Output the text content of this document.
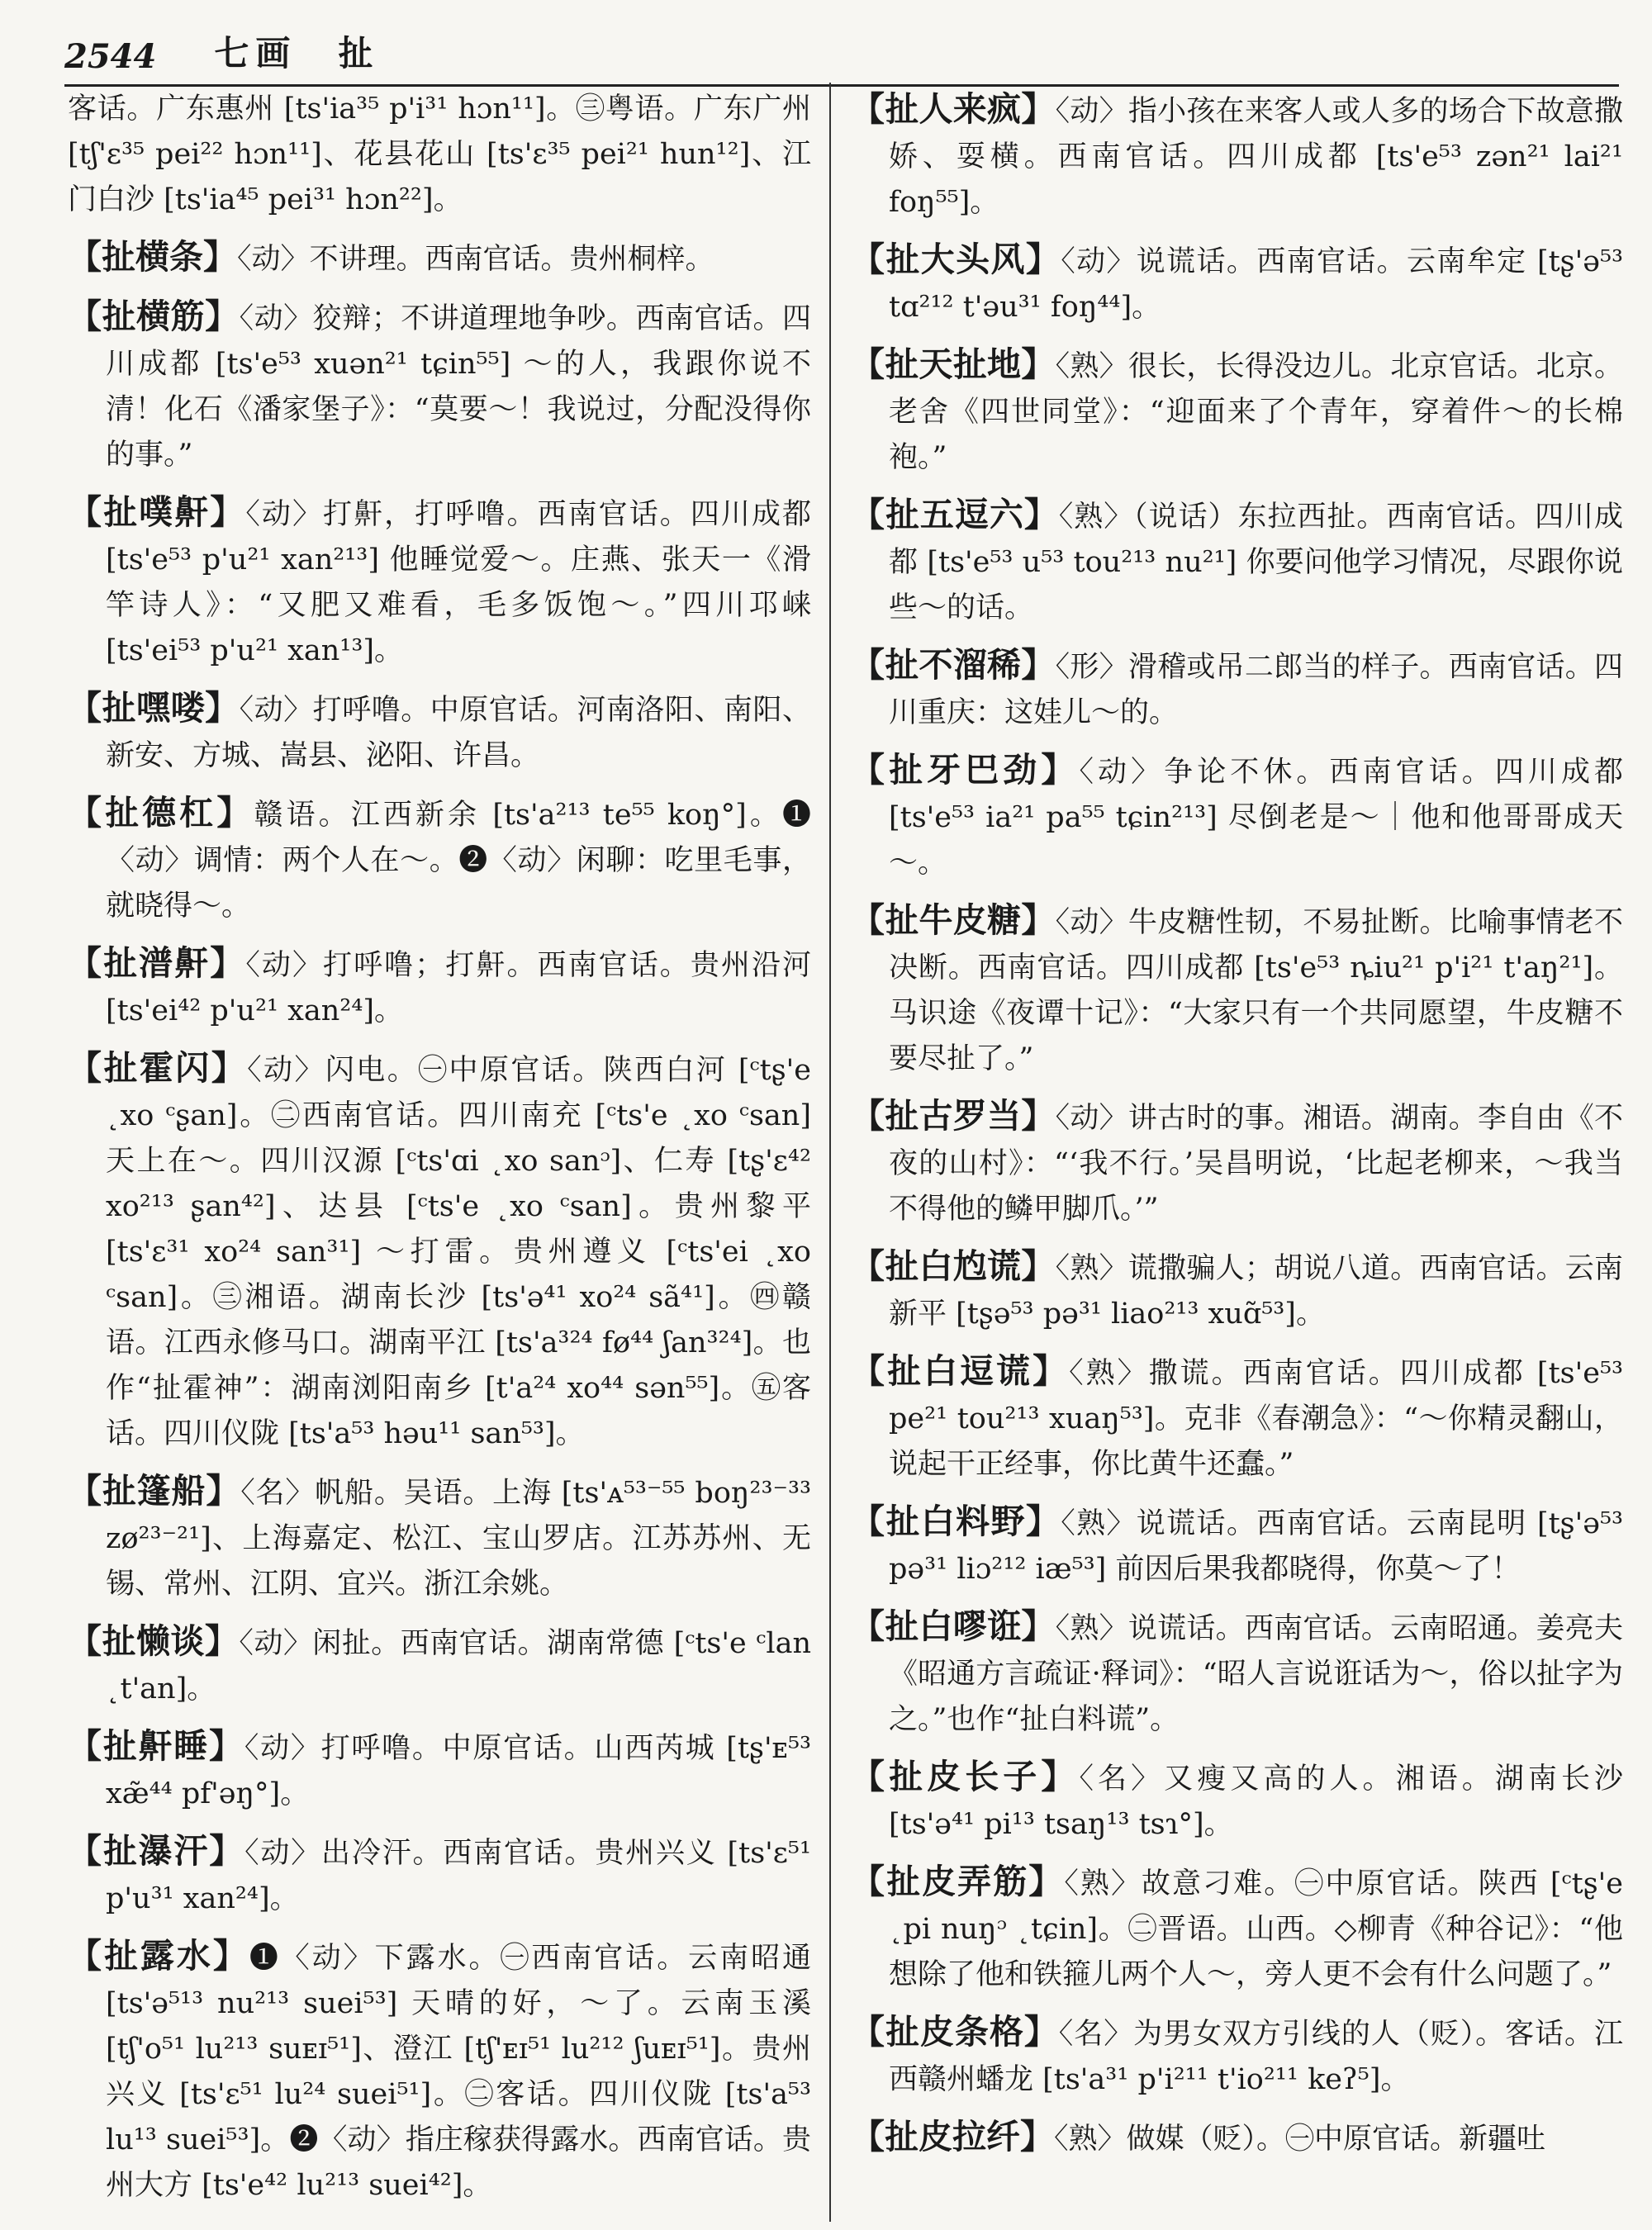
2544 七画　扯

客话。广东惠州 [ts'ia³⁵ p'i³¹ hɔn¹¹]。㊂粤语。广东广州 [tʃ'ɛ³⁵ pei²² hɔn¹¹]、花县花山 [ts'ɛ³⁵ pei²¹ hun¹²]、江门白沙 [ts'ia⁴⁵ pei³¹ hɔn²²]。

【 扯横条 】 〈动〉不讲理。西南官话。贵州桐梓。

【 扯横筋 】 〈动〉狡辩；不讲道理地争吵。西南官话。四川成都 [ts'e⁵³ xuən²¹ tɕin⁵⁵] ～的人，我跟你说不清！化石《潘家堡子》：“莫要～！我说过，分配没得你的事。”

【 扯噗鼾 】 〈动〉打鼾，打呼噜。西南官话。四川成都 [ts'e⁵³ p'u²¹ xan²¹³] 他睡觉爱～。庄燕、张天一《滑竿诗人》：“又肥又难看，毛多饭饱～。”四川邛崃 [ts'ei⁵³ p'u²¹ xan¹³]。

【 扯嘿喽 】 〈动〉打呼噜。中原官话。河南洛阳、南阳、新安、方城、嵩县、泌阳、许昌。

【 扯德杠 】 赣语。江西新余 [ts'a²¹³ te⁵⁵ koŋ°]。❶〈动〉调情：两个人在～。❷〈动〉闲聊：吃里毛事，就晓得～。

【 扯潽鼾 】 〈动〉打呼噜；打鼾。西南官话。贵州沿河 [ts'ei⁴² p'u²¹ xan²⁴]。

【 扯霍闪 】 〈动〉闪电。㊀中原官话。陕西白河 [ᶜtʂ'e ˛xo ᶜʂan]。㊁西南官话。四川南充 [ᶜts'e ˛xo ᶜsan] 天上在～。四川汉源 [ᶜts'ɑi ˛xo sanᵓ]、仁寿 [tʂ'ɛ⁴² xo²¹³ ʂan⁴²]、达县 [ᶜts'e ˛xo ᶜsan]。贵州黎平 [ts'ɛ³¹ xo²⁴ san³¹] ～打雷。贵州遵义 [ᶜts'ei ˛xo ᶜsan]。㊂湘语。湖南长沙 [ts'ə⁴¹ xo²⁴ sã⁴¹]。㊃赣语。江西永修马口。湖南平江 [ts'a³²⁴ fø⁴⁴ ʃan³²⁴]。也作“扯霍神”：湖南浏阳南乡 [t'a²⁴ xo⁴⁴ sən⁵⁵]。㊄客话。四川仪陇 [ts'a⁵³ həu¹¹ san⁵³]。

【 扯篷船 】 〈名〉帆船。吴语。上海 [ts'ᴀ⁵³⁻⁵⁵ boŋ²³⁻³³ zø²³⁻²¹]、上海嘉定、松江、宝山罗店。江苏苏州、无锡、常州、江阴、宜兴。浙江余姚。

【 扯懒谈 】 〈动〉闲扯。西南官话。湖南常德 [ᶜts'e ᶜlan ˛t'an]。

【 扯鼾睡 】 〈动〉打呼噜。中原官话。山西芮城 [tʂ'ᴇ⁵³ xæ̃⁴⁴ pf'əŋ°]。

【 扯瀑汗 】 〈动〉出冷汗。西南官话。贵州兴义 [ts'ɛ⁵¹ p'u³¹ xan²⁴]。

【 扯露水 】 ❶〈动〉下露水。㊀西南官话。云南昭通 [ts'ə⁵¹³ nu²¹³ suei⁵³] 天晴的好，～了。云南玉溪 [tʃ'o⁵¹ lu²¹³ suᴇɪ⁵¹]、澄江 [tʃ'ᴇɪ⁵¹ lu²¹² ʃuᴇɪ⁵¹]。贵州兴义 [ts'ɛ⁵¹ lu²⁴ suei⁵¹]。㊁客话。四川仪陇 [ts'a⁵³ lu¹³ suei⁵³]。❷〈动〉指庄稼获得露水。西南官话。贵州大方 [ts'e⁴² lu²¹³ suei⁴²]。

【 扯人来疯 】 〈动〉指小孩在来客人或人多的场合下故意撒娇、耍横。西南官话。四川成都 [ts'e⁵³ zən²¹ lai²¹ foŋ⁵⁵]。

【 扯大头风 】 〈动〉说谎话。西南官话。云南牟定 [tʂ'ə⁵³ tɑ²¹² t'əu³¹ foŋ⁴⁴]。

【 扯天扯地 】 〈熟〉很长，长得没边儿。北京官话。北京。老舍《四世同堂》：“迎面来了个青年，穿着件～的长棉袍。”

【 扯五逗六 】 〈熟〉（说话）东拉西扯。西南官话。四川成都 [ts'e⁵³ u⁵³ tou²¹³ nu²¹] 你要问他学习情况，尽跟你说些～的话。

【 扯不溜稀 】 〈形〉滑稽或吊二郎当的样子。西南官话。四川重庆：这娃儿～的。

【 扯牙巴劲 】 〈动〉争论不休。西南官话。四川成都 [ts'e⁵³ ia²¹ pa⁵⁵ tɕin²¹³] 尽倒老是～｜他和他哥哥成天～。

【 扯牛皮糖 】 〈动〉牛皮糖性韧，不易扯断。比喻事情老不决断。西南官话。四川成都 [ts'e⁵³ ȵiu²¹ p'i²¹ t'aŋ²¹]。马识途《夜谭十记》：“大家只有一个共同愿望，牛皮糖不要尽扯了。”

【 扯古罗当 】 〈动〉讲古时的事。湘语。湖南。李自由《不夜的山村》：“‘我不行。’吴昌明说，‘比起老柳来，～我当不得他的鳞甲脚爪。’”

【 扯白尥谎 】 〈熟〉谎撒骗人；胡说八道。西南官话。云南新平 [tʂə⁵³ pə³¹ liao²¹³ xuɑ̃⁵³]。

【 扯白逗谎 】 〈熟〉撒谎。西南官话。四川成都 [ts'e⁵³ pe²¹ tou²¹³ xuaŋ⁵³]。克非《春潮急》：“～你精灵翻山，说起干正经事，你比黄牛还蠢。”

【 扯白料野 】 〈熟〉说谎话。西南官话。云南昆明 [tʂ'ə⁵³ pə³¹ liɔ²¹² iæ⁵³] 前因后果我都晓得，你莫～了！

【 扯白嘐诳 】 〈熟〉说谎话。西南官话。云南昭通。姜亮夫《昭通方言疏证·释词》：“昭人言说诳话为～，俗以扯字为之。”也作“扯白料谎”。

【 扯皮长子 】 〈名〉又瘦又高的人。湘语。湖南长沙 [ts'ə⁴¹ pi¹³ tsaŋ¹³ tsɿ°]。

【 扯皮弄筋 】 〈熟〉故意刁难。㊀中原官话。陕西 [ᶜtʂ'e ˛pi nuŋᵓ ˛tɕin]。㊁晋语。山西。◇柳青《种谷记》：“他想除了他和铁箍儿两个人～，旁人更不会有什么问题了。”

【 扯皮条格 】 〈名〉为男女双方引线的人（贬）。客话。江西赣州蟠龙 [ts'a³¹ p'i²¹¹ t'io²¹¹ keʔ⁵]。

【 扯皮拉纤 】 〈熟〉做媒（贬）。㊀中原官话。新疆吐
